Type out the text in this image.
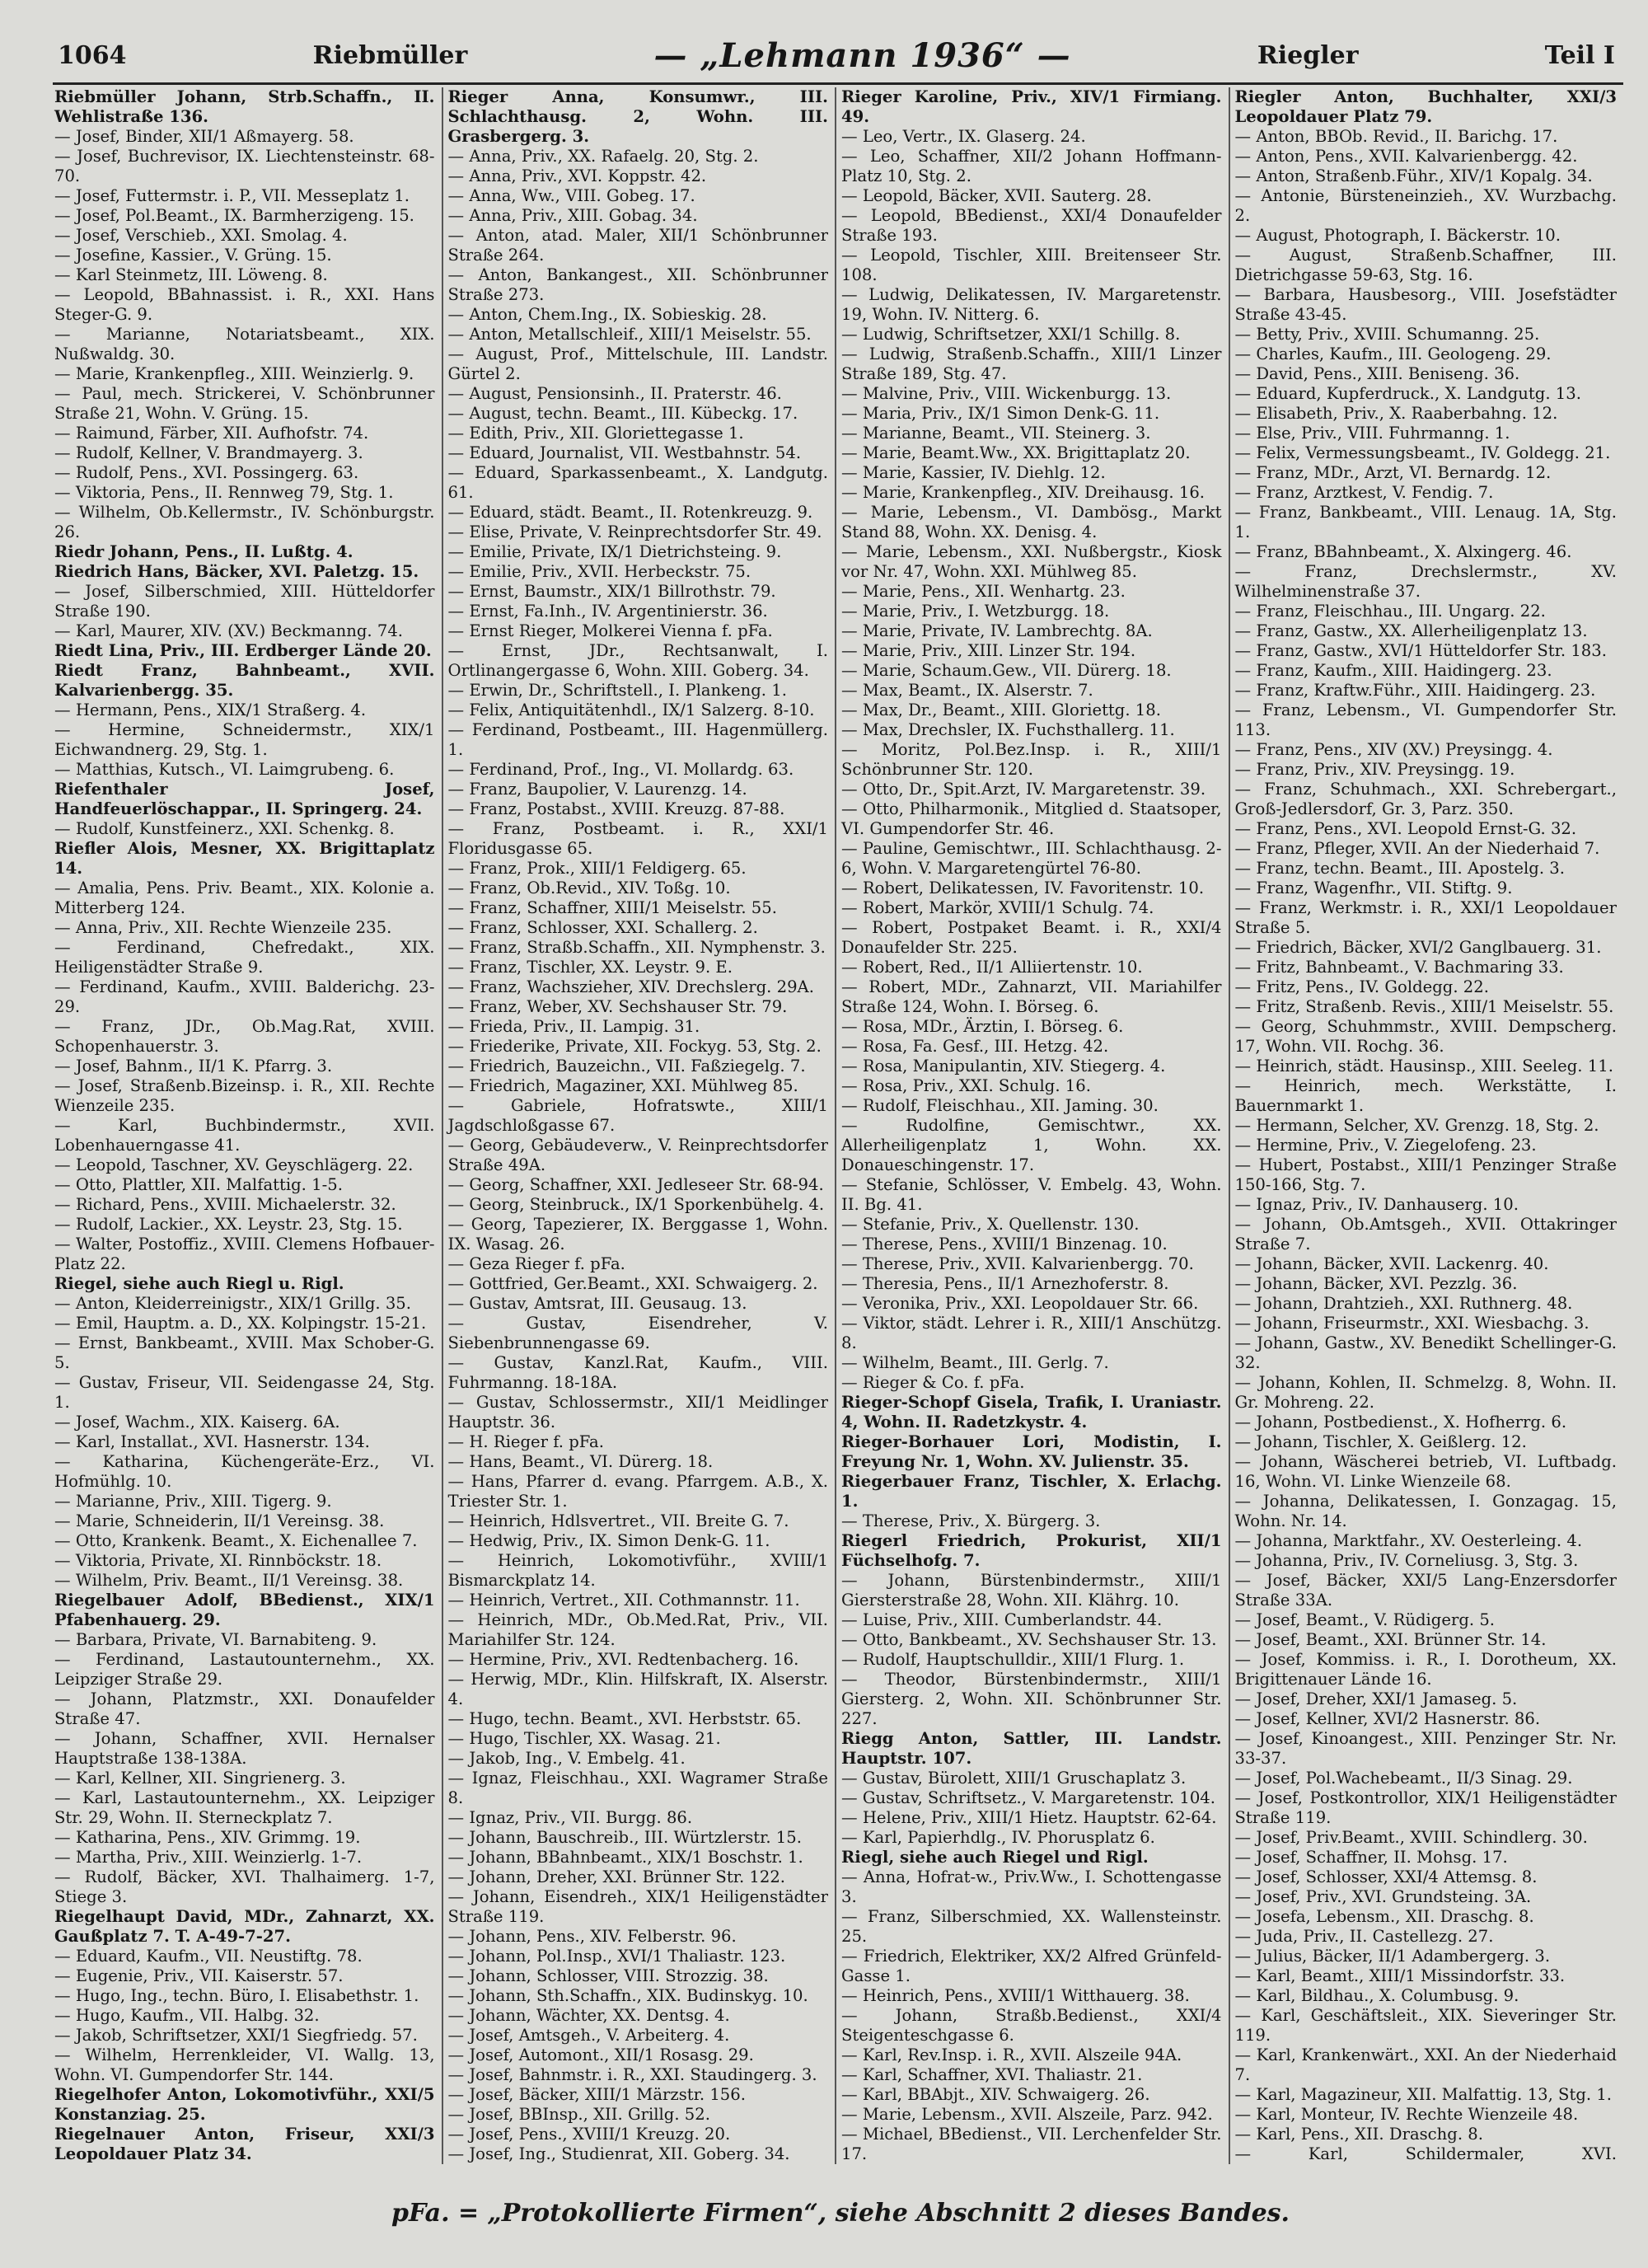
1064	Riebmüller	— „Lehmann 1936“ —	Riegler	Teil I

Riebmüller Johann, Strb.Schaffn., II. Wehlistraße 136.

— Josef, Binder, XII/1 Aßmayerg. 58.

— Josef, Buchrevisor, IX. Liechtensteinstr. 68-70.

— Josef, Futtermstr. i. P., VII. Messeplatz 1.

— Josef, Pol.Beamt., IX. Barmherzigeng. 15.

— Josef, Verschieb., XXI. Smolag. 4.

— Josefine, Kassier., V. Grüng. 15.

— Karl Steinmetz, III. Löweng. 8.

— Leopold, BBahnassist. i. R., XXI. Hans Steger-G. 9.

— Marianne, Notariatsbeamt., XIX. Nußwaldg. 30.

— Marie, Krankenpfleg., XIII. Weinzierlg. 9.

— Paul, mech. Strickerei, V. Schönbrunner Straße 21, Wohn. V. Grüng. 15.

— Raimund, Färber, XII. Aufhofstr. 74.

— Rudolf, Kellner, V. Brandmayerg. 3.

— Rudolf, Pens., XVI. Possingerg. 63.

— Viktoria, Pens., II. Rennweg 79, Stg. 1.

— Wilhelm, Ob.Kellermstr., IV. Schönburgstr. 26.

Riedr Johann, Pens., II. Lußtg. 4.

Riedrich Hans, Bäcker, XVI. Paletzg. 15.

— Josef, Silberschmied, XIII. Hütteldorfer Straße 190.

— Karl, Maurer, XIV. (XV.) Beckmanng. 74.

Riedt Lina, Priv., III. Erdberger Lände 20.

Riedt Franz, Bahnbeamt., XVII. Kalvarienbergg. 35.

— Hermann, Pens., XIX/1 Straßerg. 4.

— Hermine, Schneidermstr., XIX/1 Eichwandnerg. 29, Stg. 1.

— Matthias, Kutsch., VI. Laimgrubeng. 6.

Riefenthaler Josef, Handfeuerlöschappar., II. Springerg. 24.

— Rudolf, Kunstfeinerz., XXI. Schenkg. 8.

Riefler Alois, Mesner, XX. Brigittaplatz 14.

— Amalia, Pens. Priv. Beamt., XIX. Kolonie a. Mitterberg 124.

— Anna, Priv., XII. Rechte Wienzeile 235.

— Ferdinand, Chefredakt., XIX. Heiligenstädter Straße 9.

— Ferdinand, Kaufm., XVIII. Balderichg. 23-29.

— Franz, JDr., Ob.Mag.Rat, XVIII. Schopenhauerstr. 3.

— Josef, Bahnm., II/1 K. Pfarrg. 3.

— Josef, Straßenb.Bizeinsp. i. R., XII. Rechte Wienzeile 235.

— Karl, Buchbindermstr., XVII. Lobenhauerngasse 41.

— Leopold, Taschner, XV. Geyschlägerg. 22.

— Otto, Plattler, XII. Malfattig. 1-5.

— Richard, Pens., XVIII. Michaelerstr. 32.

— Rudolf, Lackier., XX. Leystr. 23, Stg. 15.

— Walter, Postoffiz., XVIII. Clemens Hofbauer-Platz 22.

Riegel, siehe auch Riegl u. Rigl.

— Anton, Kleiderreinigstr., XIX/1 Grillg. 35.

— Emil, Hauptm. a. D., XX. Kolpingstr. 15-21.

— Ernst, Bankbeamt., XVIII. Max Schober-G. 5.

— Gustav, Friseur, VII. Seidengasse 24, Stg. 1.

— Josef, Wachm., XIX. Kaiserg. 6A.

— Karl, Installat., XVI. Hasnerstr. 134.

— Katharina, Küchengeräte-Erz., VI. Hofmühlg. 10.

— Marianne, Priv., XIII. Tigerg. 9.

— Marie, Schneiderin, II/1 Vereinsg. 38.

— Otto, Krankenk. Beamt., X. Eichenallee 7.

— Viktoria, Private, XI. Rinnböckstr. 18.

— Wilhelm, Priv. Beamt., II/1 Vereinsg. 38.

Riegelbauer Adolf, BBedienst., XIX/1 Pfabenhauerg. 29.

— Barbara, Private, VI. Barnabiteng. 9.

— Ferdinand, Lastautounternehm., XX. Leipziger Straße 29.

— Johann, Platzmstr., XXI. Donaufelder Straße 47.

— Johann, Schaffner, XVII. Hernalser Hauptstraße 138-138A.

— Karl, Kellner, XII. Singrienerg. 3.

— Karl, Lastautounternehm., XX. Leipziger Str. 29, Wohn. II. Sterneckplatz 7.

— Katharina, Pens., XIV. Grimmg. 19.

— Martha, Priv., XIII. Weinzierlg. 1-7.

— Rudolf, Bäcker, XVI. Thalhaimerg. 1-7, Stiege 3.

Riegelhaupt David, MDr., Zahnarzt, XX. Gaußplatz 7. T. A-49-7-27.

— Eduard, Kaufm., VII. Neustiftg. 78.

— Eugenie, Priv., VII. Kaiserstr. 57.

— Hugo, Ing., techn. Büro, I. Elisabethstr. 1.

— Hugo, Kaufm., VII. Halbg. 32.

— Jakob, Schriftsetzer, XXI/1 Siegfriedg. 57.

— Wilhelm, Herrenkleider, VI. Wallg. 13, Wohn. VI. Gumpendorfer Str. 144.

Riegelhofer Anton, Lokomotivführ., XXI/5 Konstanziag. 25.

Riegelnauer Anton, Friseur, XXI/3 Leopoldauer Platz 34.

Rieger Anna, Konsumwr., III. Schlachthausg. 2, Wohn. III. Grasbergerg. 3.

— Anna, Priv., XX. Rafaelg. 20, Stg. 2.

— Anna, Priv., XVI. Koppstr. 42.

— Anna, Ww., VIII. Gobeg. 17.

— Anna, Priv., XIII. Gobag. 34.

— Anton, atad. Maler, XII/1 Schönbrunner Straße 264.

— Anton, Bankangest., XII. Schönbrunner Straße 273.

— Anton, Chem.Ing., IX. Sobieskig. 28.

— Anton, Metallschleif., XIII/1 Meiselstr. 55.

— August, Prof., Mittelschule, III. Landstr. Gürtel 2.

— August, Pensionsinh., II. Praterstr. 46.

— August, techn. Beamt., III. Kübeckg. 17.

— Edith, Priv., XII. Gloriettegasse 1.

— Eduard, Journalist, VII. Westbahnstr. 54.

— Eduard, Sparkassenbeamt., X. Landgutg. 61.

— Eduard, städt. Beamt., II. Rotenkreuzg. 9.

— Elise, Private, V. Reinprechtsdorfer Str. 49.

— Emilie, Private, IX/1 Dietrichsteing. 9.

— Emilie, Priv., XVII. Herbeckstr. 75.

— Ernst, Baumstr., XIX/1 Billrothstr. 79.

— Ernst, Fa.Inh., IV. Argentinierstr. 36.

— Ernst Rieger, Molkerei Vienna f. pFa.

— Ernst, JDr., Rechtsanwalt, I. Ortlinangergasse 6, Wohn. XIII. Goberg. 34.

— Erwin, Dr., Schriftstell., I. Plankeng. 1.

— Felix, Antiquitätenhdl., IX/1 Salzerg. 8-10.

— Ferdinand, Postbeamt., III. Hagenmüllerg. 1.

— Ferdinand, Prof., Ing., VI. Mollardg. 63.

— Franz, Baupolier, V. Laurenzg. 14.

— Franz, Postabst., XVIII. Kreuzg. 87-88.

— Franz, Postbeamt. i. R., XXI/1 Floridusgasse 65.

— Franz, Prok., XIII/1 Feldigerg. 65.

— Franz, Ob.Revid., XIV. Toßg. 10.

— Franz, Schaffner, XIII/1 Meiselstr. 55.

— Franz, Schlosser, XXI. Schallerg. 2.

— Franz, Straßb.Schaffn., XII. Nymphenstr. 3.

— Franz, Tischler, XX. Leystr. 9. E.

— Franz, Wachszieher, XIV. Drechslerg. 29A.

— Franz, Weber, XV. Sechshauser Str. 79.

— Frieda, Priv., II. Lampig. 31.

— Friederike, Private, XII. Fockyg. 53, Stg. 2.

— Friedrich, Bauzeichn., VII. Faßziegelg. 7.

— Friedrich, Magaziner, XXI. Mühlweg 85.

— Gabriele, Hofratswte., XIII/1 Jagdschloßgasse 67.

— Georg, Gebäudeverw., V. Reinprechtsdorfer Straße 49A.

— Georg, Schaffner, XXI. Jedleseer Str. 68-94.

— Georg, Steinbruck., IX/1 Sporkenbühelg. 4.

— Georg, Tapezierer, IX. Berggasse 1, Wohn. IX. Wasag. 26.

— Geza Rieger f. pFa.

— Gottfried, Ger.Beamt., XXI. Schwaigerg. 2.

— Gustav, Amtsrat, III. Geusaug. 13.

— Gustav, Eisendreher, V. Siebenbrunnengasse 69.

— Gustav, Kanzl.Rat, Kaufm., VIII. Fuhrmanng. 18-18A.

— Gustav, Schlossermstr., XII/1 Meidlinger Hauptstr. 36.

— H. Rieger f. pFa.

— Hans, Beamt., VI. Dürerg. 18.

— Hans, Pfarrer d. evang. Pfarrgem. A.B., X. Triester Str. 1.

— Heinrich, Hdlsvertret., VII. Breite G. 7.

— Hedwig, Priv., IX. Simon Denk-G. 11.

— Heinrich, Lokomotivführ., XVIII/1 Bismarckplatz 14.

— Heinrich, Vertret., XII. Cothmannstr. 11.

— Heinrich, MDr., Ob.Med.Rat, Priv., VII. Mariahilfer Str. 124.

— Hermine, Priv., XVI. Redtenbacherg. 16.

— Herwig, MDr., Klin. Hilfskraft, IX. Alserstr. 4.

— Hugo, techn. Beamt., XVI. Herbststr. 65.

— Hugo, Tischler, XX. Wasag. 21.

— Jakob, Ing., V. Embelg. 41.

— Ignaz, Fleischhau., XXI. Wagramer Straße 8.

— Ignaz, Priv., VII. Burgg. 86.

— Johann, Bauschreib., III. Würtzlerstr. 15.

— Johann, BBahnbeamt., XIX/1 Boschstr. 1.

— Johann, Dreher, XXI. Brünner Str. 122.

— Johann, Eisendreh., XIX/1 Heiligenstädter Straße 119.

— Johann, Pens., XIV. Felberstr. 96.

— Johann, Pol.Insp., XVI/1 Thaliastr. 123.

— Johann, Schlosser, VIII. Strozzig. 38.

— Johann, Sth.Schaffn., XIX. Budinskyg. 10.

— Johann, Wächter, XX. Dentsg. 4.

— Josef, Amtsgeh., V. Arbeiterg. 4.

— Josef, Automont., XII/1 Rosasg. 29.

— Josef, Bahnmstr. i. R., XXI. Staudingerg. 3.

— Josef, Bäcker, XIII/1 Märzstr. 156.

— Josef, BBInsp., XII. Grillg. 52.

— Josef, Pens., XVIII/1 Kreuzg. 20.

— Josef, Ing., Studienrat, XII. Goberg. 34.

Rieger Karoline, Priv., XIV/1 Firmiang. 49.

— Leo, Vertr., IX. Glaserg. 24.

— Leo, Schaffner, XII/2 Johann Hoffmann-Platz 10, Stg. 2.

— Leopold, Bäcker, XVII. Sauterg. 28.

— Leopold, BBedienst., XXI/4 Donaufelder Straße 193.

— Leopold, Tischler, XIII. Breitenseer Str. 108.

— Ludwig, Delikatessen, IV. Margaretenstr. 19, Wohn. IV. Nitterg. 6.

— Ludwig, Schriftsetzer, XXI/1 Schillg. 8.

— Ludwig, Straßenb.Schaffn., XIII/1 Linzer Straße 189, Stg. 47.

— Malvine, Priv., VIII. Wickenburgg. 13.

— Maria, Priv., IX/1 Simon Denk-G. 11.

— Marianne, Beamt., VII. Steinerg. 3.

— Marie, Beamt.Ww., XX. Brigittaplatz 20.

— Marie, Kassier, IV. Diehlg. 12.

— Marie, Krankenpfleg., XIV. Dreihausg. 16.

— Marie, Lebensm., VI. Dambösg., Markt Stand 88, Wohn. XX. Denisg. 4.

— Marie, Lebensm., XXI. Nußbergstr., Kiosk vor Nr. 47, Wohn. XXI. Mühlweg 85.

— Marie, Pens., XII. Wenhartg. 23.

— Marie, Priv., I. Wetzburgg. 18.

— Marie, Private, IV. Lambrechtg. 8A.

— Marie, Priv., XIII. Linzer Str. 194.

— Marie, Schaum.Gew., VII. Dürerg. 18.

— Max, Beamt., IX. Alserstr. 7.

— Max, Dr., Beamt., XIII. Gloriettg. 18.

— Max, Drechsler, IX. Fuchsthallerg. 11.

— Moritz, Pol.Bez.Insp. i. R., XIII/1 Schönbrunner Str. 120.

— Otto, Dr., Spit.Arzt, IV. Margaretenstr. 39.

— Otto, Philharmonik., Mitglied d. Staatsoper, VI. Gumpendorfer Str. 46.

— Pauline, Gemischtwr., III. Schlachthausg. 2-6, Wohn. V. Margaretengürtel 76-80.

— Robert, Delikatessen, IV. Favoritenstr. 10.

— Robert, Markör, XVIII/1 Schulg. 74.

— Robert, Postpaket Beamt. i. R., XXI/4 Donaufelder Str. 225.

— Robert, Red., II/1 Alliiertenstr. 10.

— Robert, MDr., Zahnarzt, VII. Mariahilfer Straße 124, Wohn. I. Börseg. 6.

— Rosa, MDr., Ärztin, I. Börseg. 6.

— Rosa, Fa. Gesf., III. Hetzg. 42.

— Rosa, Manipulantin, XIV. Stiegerg. 4.

— Rosa, Priv., XXI. Schulg. 16.

— Rudolf, Fleischhau., XII. Jaming. 30.

— Rudolfine, Gemischtwr., XX. Allerheiligenplatz 1, Wohn. XX. Donaueschingenstr. 17.

— Stefanie, Schlösser, V. Embelg. 43, Wohn. II. Bg. 41.

— Stefanie, Priv., X. Quellenstr. 130.

— Therese, Pens., XVIII/1 Binzenag. 10.

— Therese, Priv., XVII. Kalvarienbergg. 70.

— Theresia, Pens., II/1 Arnezhoferstr. 8.

— Veronika, Priv., XXI. Leopoldauer Str. 66.

— Viktor, städt. Lehrer i. R., XIII/1 Anschützg. 8.

— Wilhelm, Beamt., III. Gerlg. 7.

— Rieger & Co. f. pFa.

Rieger-Schopf Gisela, Trafik, I. Uraniastr. 4, Wohn. II. Radetzkystr. 4.

Rieger-Borhauer Lori, Modistin, I. Freyung Nr. 1, Wohn. XV. Julienstr. 35.

Riegerbauer Franz, Tischler, X. Erlachg. 1.

— Therese, Priv., X. Bürgerg. 3.

Riegerl Friedrich, Prokurist, XII/1 Füchselhofg. 7.

— Johann, Bürstenbindermstr., XIII/1 Giersterstraße 28, Wohn. XII. Klährg. 10.

— Luise, Priv., XIII. Cumberlandstr. 44.

— Otto, Bankbeamt., XV. Sechshauser Str. 13.

— Rudolf, Hauptschulldir., XIII/1 Flurg. 1.

— Theodor, Bürstenbindermstr., XIII/1 Giersterg. 2, Wohn. XII. Schönbrunner Str. 227.

Riegg Anton, Sattler, III. Landstr. Hauptstr. 107.

— Gustav, Bürolett, XIII/1 Gruschaplatz 3.

— Gustav, Schriftsetz., V. Margaretenstr. 104.

— Helene, Priv., XIII/1 Hietz. Hauptstr. 62-64.

— Karl, Papierhdlg., IV. Phorusplatz 6.

Riegl, siehe auch Riegel und Rigl.

— Anna, Hofrat-w., Priv.Ww., I. Schottengasse 3.

— Franz, Silberschmied, XX. Wallensteinstr. 25.

— Friedrich, Elektriker, XX/2 Alfred Grünfeld-Gasse 1.

— Heinrich, Pens., XVIII/1 Witthauerg. 38.

— Johann, Straßb.Bedienst., XXI/4 Steigenteschgasse 6.

— Karl, Rev.Insp. i. R., XVII. Alszeile 94A.

— Karl, Schaffner, XVI. Thaliastr. 21.

— Karl, BBAbjt., XIV. Schwaigerg. 26.

— Marie, Lebensm., XVII. Alszeile, Parz. 942.

— Michael, BBedienst., VII. Lerchenfelder Str. 17.

Riegler Anton, Buchhalter, XXI/3 Leopoldauer Platz 79.

— Anton, BBOb. Revid., II. Barichg. 17.

— Anton, Pens., XVII. Kalvarienbergg. 42.

— Anton, Straßenb.Führ., XIV/1 Kopalg. 34.

— Antonie, Bürsteneinzieh., XV. Wurzbachg. 2.

— August, Photograph, I. Bäckerstr. 10.

— August, Straßenb.Schaffner, III. Dietrichgasse 59-63, Stg. 16.

— Barbara, Hausbesorg., VIII. Josefstädter Straße 43-45.

— Betty, Priv., XVIII. Schumanng. 25.

— Charles, Kaufm., III. Geologeng. 29.

— David, Pens., XIII. Beniseng. 36.

— Eduard, Kupferdruck., X. Landgutg. 13.

— Elisabeth, Priv., X. Raaberbahng. 12.

— Else, Priv., VIII. Fuhrmanng. 1.

— Felix, Vermessungsbeamt., IV. Goldegg. 21.

— Franz, MDr., Arzt, VI. Bernardg. 12.

— Franz, Arztkest, V. Fendig. 7.

— Franz, Bankbeamt., VIII. Lenaug. 1A, Stg. 1.

— Franz, BBahnbeamt., X. Alxingerg. 46.

— Franz, Drechslermstr., XV. Wilhelminenstraße 37.

— Franz, Fleischhau., III. Ungarg. 22.

— Franz, Gastw., XX. Allerheiligenplatz 13.

— Franz, Gastw., XVI/1 Hütteldorfer Str. 183.

— Franz, Kaufm., XIII. Haidingerg. 23.

— Franz, Kraftw.Führ., XIII. Haidingerg. 23.

— Franz, Lebensm., VI. Gumpendorfer Str. 113.

— Franz, Pens., XIV (XV.) Preysingg. 4.

— Franz, Priv., XIV. Preysingg. 19.

— Franz, Schuhmach., XXI. Schrebergart., Groß-Jedlersdorf, Gr. 3, Parz. 350.

— Franz, Pens., XVI. Leopold Ernst-G. 32.

— Franz, Pfleger, XVII. An der Niederhaid 7.

— Franz, techn. Beamt., III. Apostelg. 3.

— Franz, Wagenfhr., VII. Stiftg. 9.

— Franz, Werkmstr. i. R., XXI/1 Leopoldauer Straße 5.

— Friedrich, Bäcker, XVI/2 Ganglbauerg. 31.

— Fritz, Bahnbeamt., V. Bachmaring 33.

— Fritz, Pens., IV. Goldegg. 22.

— Fritz, Straßenb. Revis., XIII/1 Meiselstr. 55.

— Georg, Schuhmmstr., XVIII. Dempscherg. 17, Wohn. VII. Rochg. 36.

— Heinrich, städt. Hausinsp., XIII. Seeleg. 11.

— Heinrich, mech. Werkstätte, I. Bauernmarkt 1.

— Hermann, Selcher, XV. Grenzg. 18, Stg. 2.

— Hermine, Priv., V. Ziegelofeng. 23.

— Hubert, Postabst., XIII/1 Penzinger Straße 150-166, Stg. 7.

— Ignaz, Priv., IV. Danhauserg. 10.

— Johann, Ob.Amtsgeh., XVII. Ottakringer Straße 7.

— Johann, Bäcker, XVII. Lackenrg. 40.

— Johann, Bäcker, XVI. Pezzlg. 36.

— Johann, Drahtzieh., XXI. Ruthnerg. 48.

— Johann, Friseurmstr., XXI. Wiesbachg. 3.

— Johann, Gastw., XV. Benedikt Schellinger-G. 32.

— Johann, Kohlen, II. Schmelzg. 8, Wohn. II. Gr. Mohreng. 22.

— Johann, Postbedienst., X. Hofherrg. 6.

— Johann, Tischler, X. Geißlerg. 12.

— Johann, Wäscherei betrieb, VI. Luftbadg. 16, Wohn. VI. Linke Wienzeile 68.

— Johanna, Delikatessen, I. Gonzagag. 15, Wohn. Nr. 14.

— Johanna, Marktfahr., XV. Oesterleing. 4.

— Johanna, Priv., IV. Corneliusg. 3, Stg. 3.

— Josef, Bäcker, XXI/5 Lang-Enzersdorfer Straße 33A.

— Josef, Beamt., V. Rüdigerg. 5.

— Josef, Beamt., XXI. Brünner Str. 14.

— Josef, Kommiss. i. R., I. Dorotheum, XX. Brigittenauer Lände 16.

— Josef, Dreher, XXI/1 Jamaseg. 5.

— Josef, Kellner, XVI/2 Hasnerstr. 86.

— Josef, Kinoangest., XIII. Penzinger Str. Nr. 33-37.

— Josef, Pol.Wachebeamt., II/3 Sinag. 29.

— Josef, Postkontrollor, XIX/1 Heiligenstädter Straße 119.

— Josef, Priv.Beamt., XVIII. Schindlerg. 30.

— Josef, Schaffner, II. Mohsg. 17.

— Josef, Schlosser, XXI/4 Attemsg. 8.

— Josef, Priv., XVI. Grundsteing. 3A.

— Josefa, Lebensm., XII. Draschg. 8.

— Juda, Priv., II. Castellezg. 27.

— Julius, Bäcker, II/1 Adambergerg. 3.

— Karl, Beamt., XIII/1 Missindorfstr. 33.

— Karl, Bildhau., X. Columbusg. 9.

— Karl, Geschäftsleit., XIX. Sieveringer Str. 119.

— Karl, Krankenwärt., XXI. An der Niederhaid 7.

— Karl, Magazineur, XII. Malfattig. 13, Stg. 1.

— Karl, Monteur, IV. Rechte Wienzeile 48.

— Karl, Pens., XII. Draschg. 8.

— Karl, Schildermaler, XVI.

pFa. = „Protokollierte Firmen“, siehe Abschnitt 2 dieses Bandes.
